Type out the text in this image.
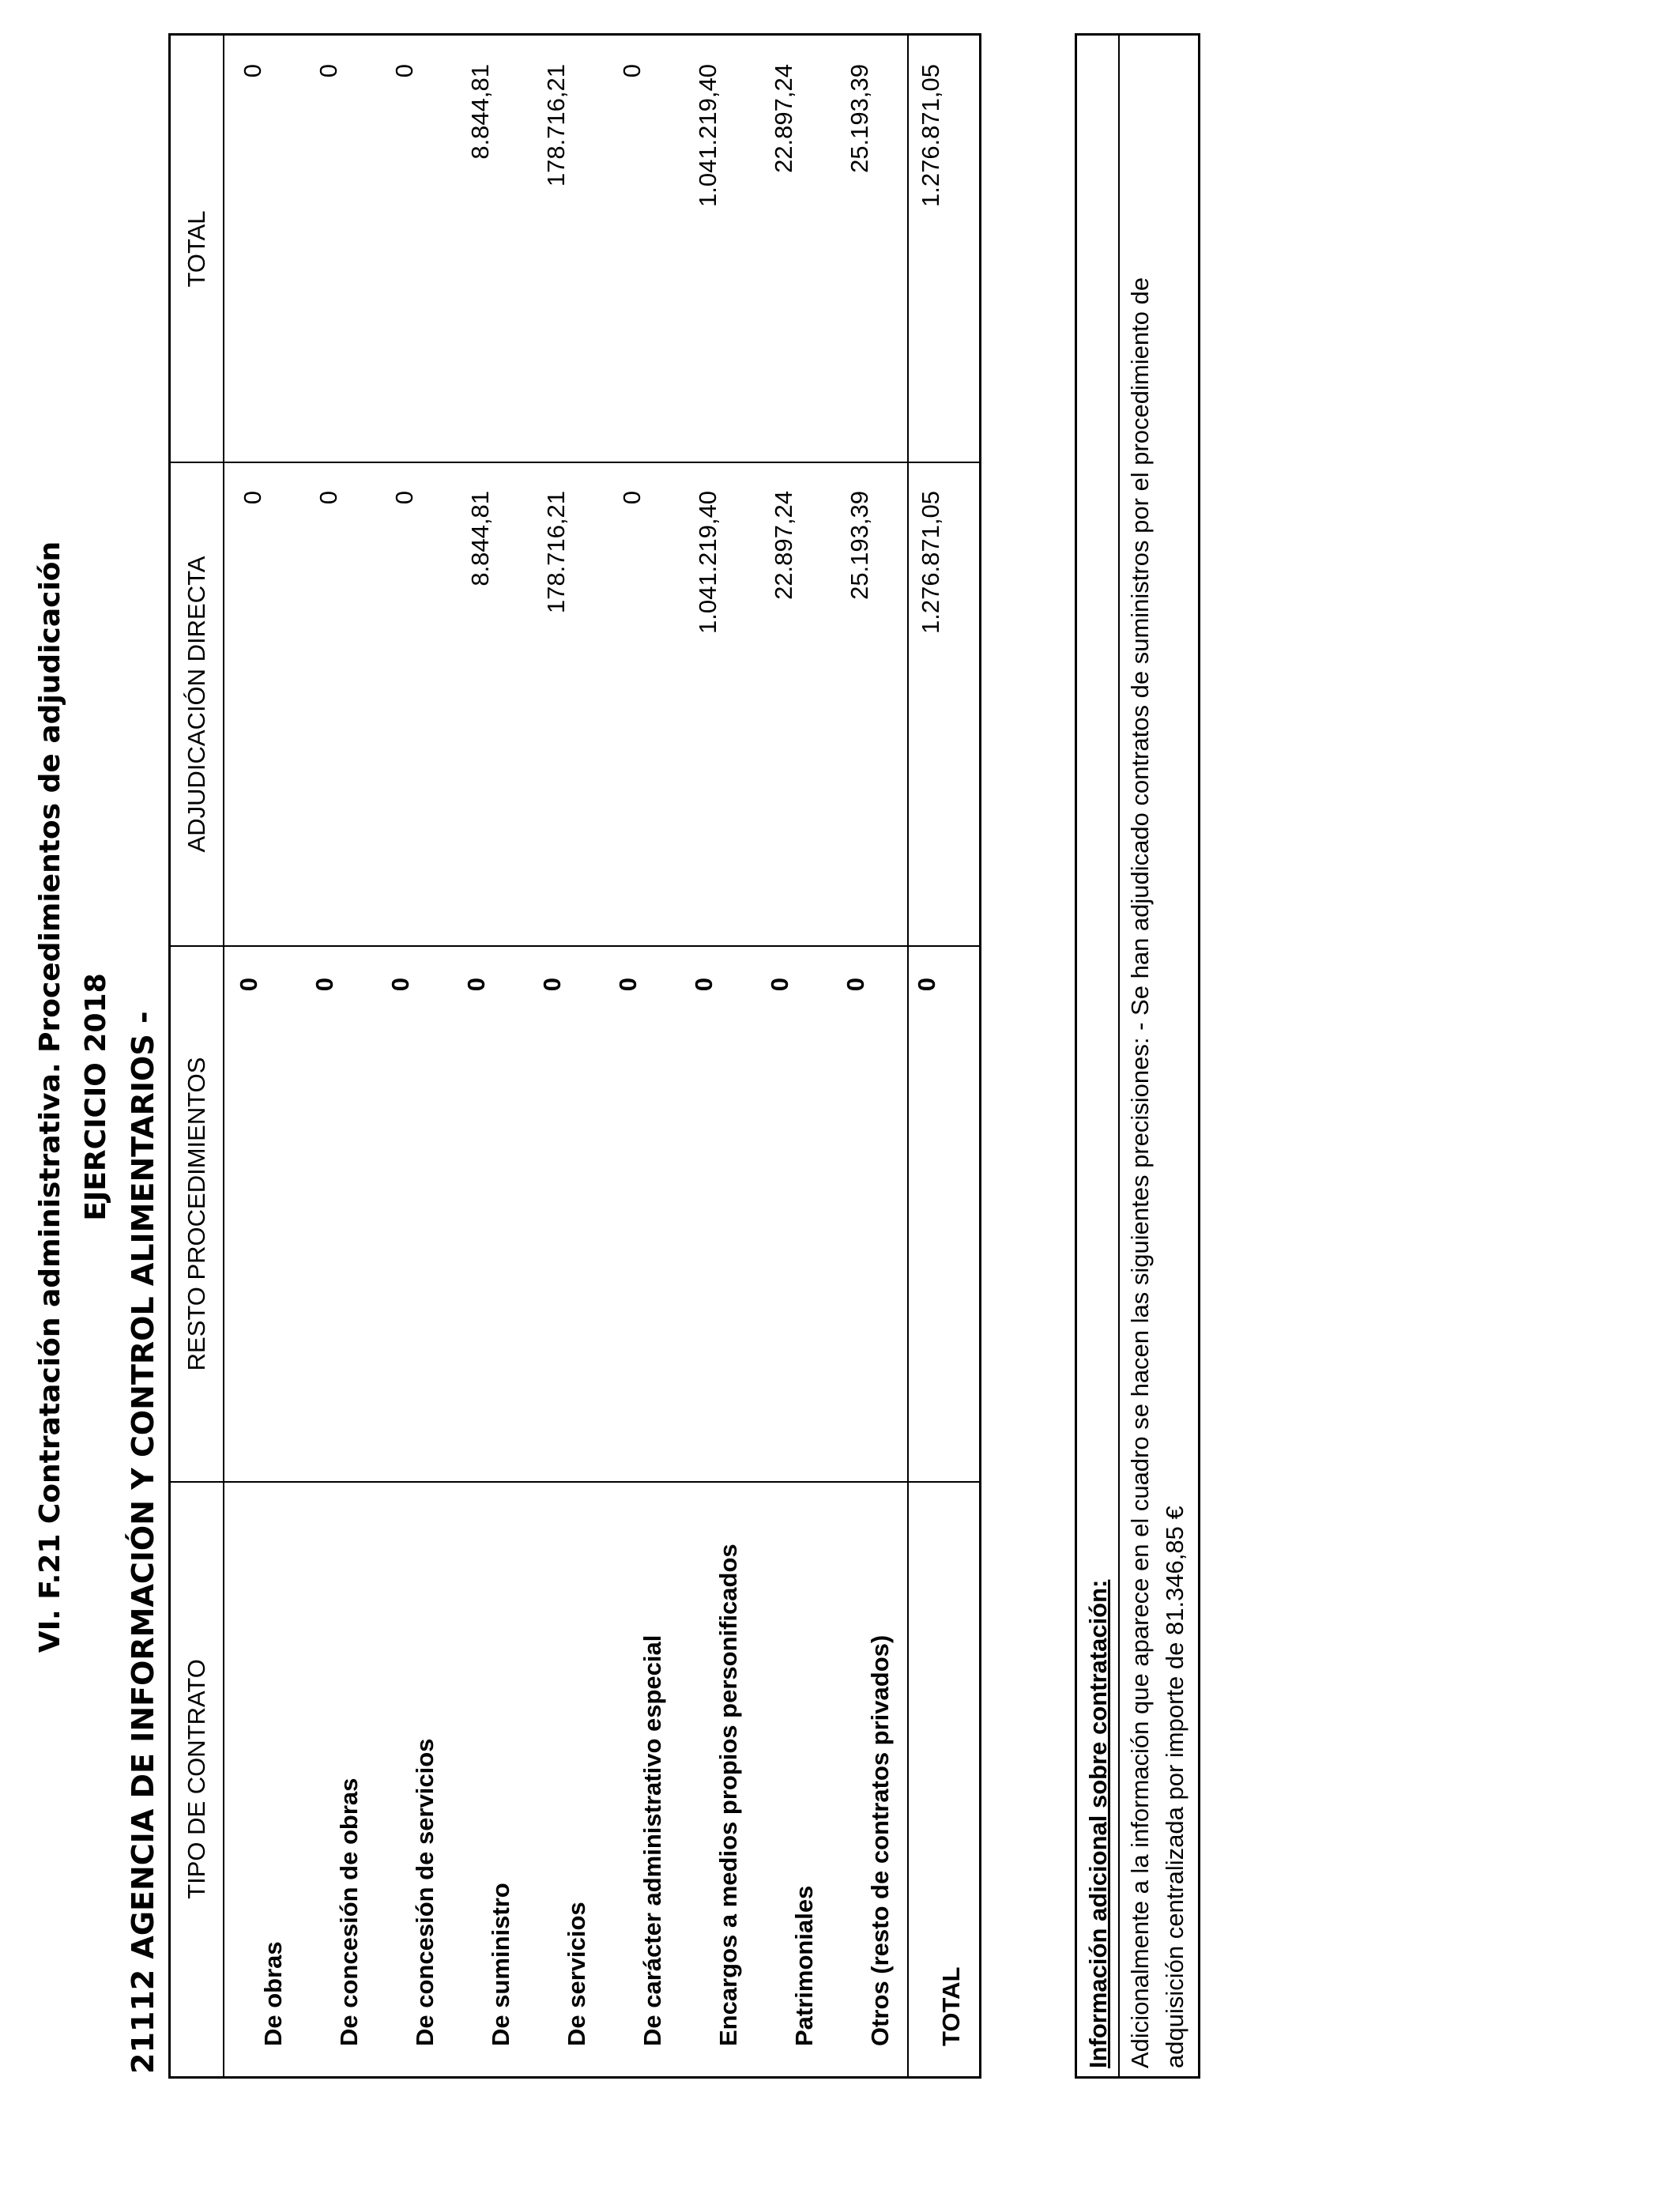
VI. F.21 Contratación administrativa. Procedimientos de adjudicación EJERCICIO 2018 21112 AGENCIA DE INFORMACIÓN Y CONTROL ALIMENTARIOS - TIPO DE CONTRATO
RESTO PROCEDIMIENTOS
ADJUDICACIÓN DIRECTA
TOTAL
De obras
0
0
0
De concesión de obras
0
0
0
De concesión de servicios
0
0
0
De suministro
0
8.844,81
8.844,81
De servicios
0
178.716,21
178.716,21
De carácter administrativo especial
0
0
0
Encargos a medios propios personificados
0
1.041.219,40
1.041.219,40
Patrimoniales
0
22.897,24
22.897,24
Otros (resto de contratos privados)
0
25.193,39
25.193,39
TOTAL
0
1.276.871,05
1.276.871,05
Información adicional sobre contratación: Adicionalmente a la información que aparece en el cuadro se hacen las siguientes precisiones: - Se han adjudicado contratos de suministros por el procedimiento de adquisición centralizada por importe de 81.346,85 €
